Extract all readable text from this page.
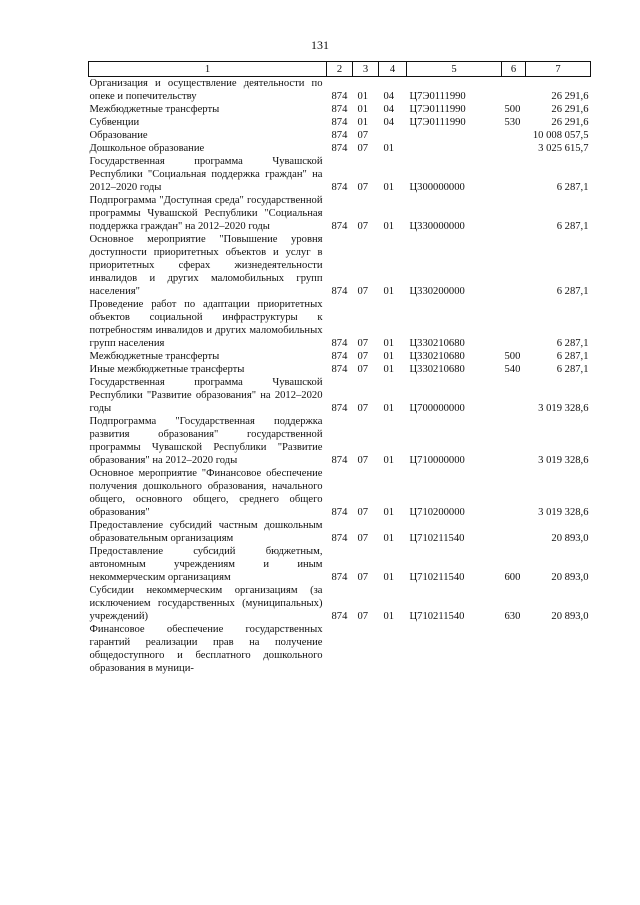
131
1	2	3	4	5	6	7
Организация и осуществление деятельности по опеке и попечительству	874	01	04	Ц7Э0111990		26 291,6
Межбюджетные трансферты	874	01	04	Ц7Э0111990	500	26 291,6
Субвенции	874	01	04	Ц7Э0111990	530	26 291,6
Образование	874	07				10 008 057,5
Дошкольное образование	874	07	01			3 025 615,7
Государственная программа Чувашской Республики "Социальная поддержка граждан" на 2012–2020 годы	874	07	01	Ц300000000		6 287,1
Подпрограмма "Доступная среда" государственной программы Чувашской Республики "Социальная поддержка граждан" на 2012–2020 годы	874	07	01	Ц330000000		6 287,1
Основное мероприятие "Повышение уровня доступности приоритетных объектов и услуг в приоритетных сферах жизнедеятельности инвалидов и других маломобильных групп населения"	874	07	01	Ц330200000		6 287,1
Проведение работ по адаптации приоритетных объектов социальной инфраструктуры к потребностям инвалидов и других маломобильных групп населения	874	07	01	Ц330210680		6 287,1
Межбюджетные трансферты	874	07	01	Ц330210680	500	6 287,1
Иные межбюджетные трансферты	874	07	01	Ц330210680	540	6 287,1
Государственная программа Чувашской Республики "Развитие образования" на 2012–2020 годы	874	07	01	Ц700000000		3 019 328,6
Подпрограмма "Государственная поддержка развития образования" государственной программы Чувашской Республики "Развитие образования" на 2012–2020 годы	874	07	01	Ц710000000		3 019 328,6
Основное мероприятие "Финансовое обеспечение получения дошкольного образования, начального общего, основного общего, среднего общего образования"	874	07	01	Ц710200000		3 019 328,6
Предоставление субсидий частным дошкольным образовательным организациям	874	07	01	Ц710211540		20 893,0
Предоставление субсидий бюджетным, автономным учреждениям и иным некоммерческим организациям	874	07	01	Ц710211540	600	20 893,0
Субсидии некоммерческим организациям (за исключением государственных (муниципальных) учреждений)	874	07	01	Ц710211540	630	20 893,0
Финансовое обеспечение государственных гарантий реализации прав на получение общедоступного и бесплатного дошкольного образования в муници-						
